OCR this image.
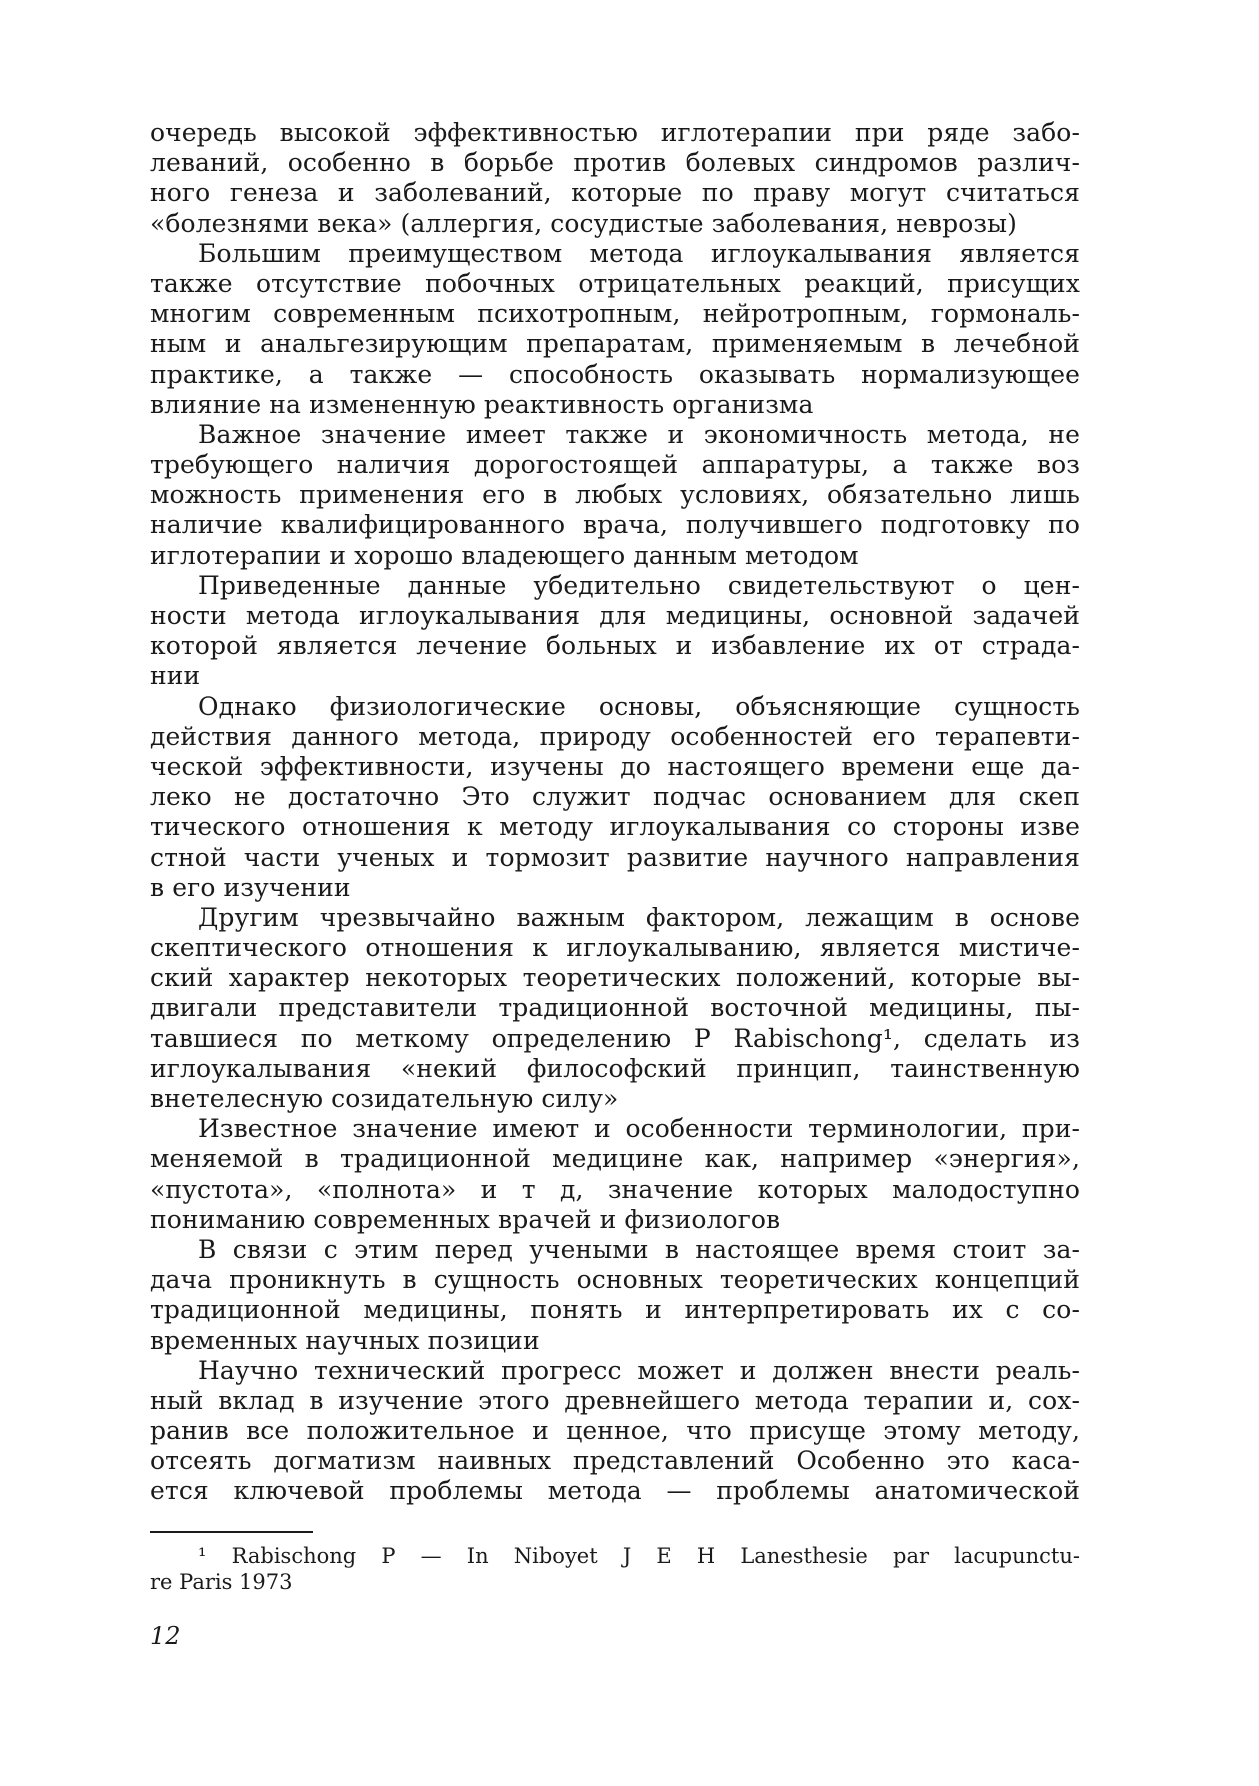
очередь высокой эффективностью иглотерапии при ряде забо-
леваний, особенно в борьбе против болевых синдромов различ-
ного генеза и заболеваний, которые по праву могут считаться
«болезнями века» (аллергия, сосудистые заболевания, неврозы)
Большим преимуществом метода иглоукалывания является
также отсутствие побочных отрицательных реакций, присущих
многим современным психотропным, нейротропным, гормональ-
ным и анальгезирующим препаратам, применяемым в лечебной
практике, а также — способность оказывать нормализующее
влияние на измененную реактивность организма
Важное значение имеет также и экономичность метода, не
требующего наличия дорогостоящей аппаратуры, а также воз
можность применения его в любых условиях, обязательно лишь
наличие квалифицированного врача, получившего подготовку по
иглотерапии и хорошо владеющего данным методом
Приведенные данные убедительно свидетельствуют о цен-
ности метода иглоукалывания для медицины, основной задачей
которой является лечение больных и избавление их от страда-
нии
Однако физиологические основы, объясняющие сущность
действия данного метода, природу особенностей его терапевти-
ческой эффективности, изучены до настоящего времени еще да-
леко не достаточно Это служит подчас основанием для скеп
тического отношения к методу иглоукалывания со стороны изве
стной части ученых и тормозит развитие научного направления
в его изучении
Другим чрезвычайно важным фактором, лежащим в основе
скептического отношения к иглоукалыванию, является мистиче-
ский характер некоторых теоретических положений, которые вы-
двигали представители традиционной восточной медицины, пы-
тавшиеся по меткому определению P Rabischong¹, сделать из
иглоукалывания «некий философский принцип, таинственную
внетелесную созидательную силу»
Известное значение имеют и особенности терминологии, при-
меняемой в традиционной медицине как, например «энергия»,
«пустота», «полнота» и т д, значение которых малодоступно
пониманию современных врачей и физиологов
В связи с этим перед учеными в настоящее время стоит за-
дача проникнуть в сущность основных теоретических концепций
традиционной медицины, понять и интерпретировать их с со-
временных научных позиции
Научно технический прогресс может и должен внести реаль-
ный вклад в изучение этого древнейшего метода терапии и, сох-
ранив все положительное и ценное, что присуще этому методу,
отсеять догматизм наивных представлений Особенно это каса-
ется ключевой проблемы метода — проблемы анатомической
¹ Rabischong P — In Niboyet J E H Lanesthesie par lacupunctu-
re Paris 1973
12
